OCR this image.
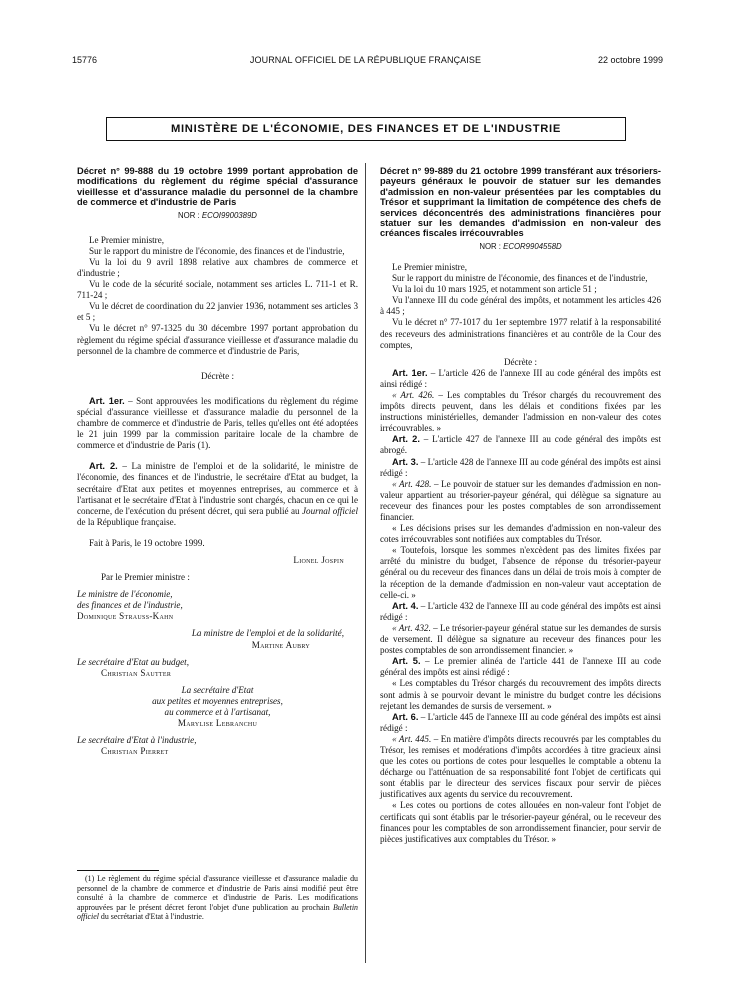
15776	JOURNAL OFFICIEL DE LA RÉPUBLIQUE FRANÇAISE	22 octobre 1999
MINISTÈRE DE L'ÉCONOMIE, DES FINANCES ET DE L'INDUSTRIE
Décret n° 99-888 du 19 octobre 1999 portant approbation de modifications du règlement du régime spécial d'assurance vieillesse et d'assurance maladie du personnel de la chambre de commerce et d'industrie de Paris
NOR : ECOI9900389D

Le Premier ministre,

Sur le rapport du ministre de l'économie, des finances et de l'industrie,

Vu la loi du 9 avril 1898 relative aux chambres de commerce et d'industrie ;

Vu le code de la sécurité sociale, notamment ses articles L. 711-1 et R. 711-24 ;

Vu le décret de coordination du 22 janvier 1936, notamment ses articles 3 et 5 ;

Vu le décret n° 97-1325 du 30 décembre 1997 portant approbation du règlement du régime spécial d'assurance vieillesse et d'assurance maladie du personnel de la chambre de commerce et d'industrie de Paris,

Décrète :

Art. 1er. – Sont approuvées les modifications du règlement du régime spécial d'assurance vieillesse et d'assurance maladie du personnel de la chambre de commerce et d'industrie de Paris, telles qu'elles ont été adoptées le 21 juin 1999 par la commission paritaire locale de la chambre de commerce et d'industrie de Paris (1).

Art. 2. – La ministre de l'emploi et de la solidarité, le ministre de l'économie, des finances et de l'industrie, le secrétaire d'Etat au budget, la secrétaire d'Etat aux petites et moyennes entreprises, au commerce et à l'artisanat et le secrétaire d'Etat à l'industrie sont chargés, chacun en ce qui le concerne, de l'exécution du présent décret, qui sera publié au Journal officiel de la République française.

Fait à Paris, le 19 octobre 1999.

Lionel Jospin

Par le Premier ministre :

Le ministre de l'économie,

des finances et de l'industrie,

Dominique Strauss-Kahn

La ministre de l'emploi et de la solidarité,

Martine Aubry

Le secrétaire d'Etat au budget,

Christian Sautter

La secrétaire d'Etat

aux petites et moyennes entreprises,

au commerce et à l'artisanat,

Marylise Lebranchu

Le secrétaire d'Etat à l'industrie,

Christian Pierret

(1) Le règlement du régime spécial d'assurance vieillesse et d'assurance maladie du personnel de la chambre de commerce et d'industrie de Paris ainsi modifié peut être consulté à la chambre de commerce et d'industrie de Paris. Les modifications approuvées par le présent décret feront l'objet d'une publication au prochain Bulletin officiel du secrétariat d'Etat à l'industrie.

Décret n° 99-889 du 21 octobre 1999 transférant aux trésoriers-payeurs généraux le pouvoir de statuer sur les demandes d'admission en non-valeur présentées par les comptables du Trésor et supprimant la limitation de compétence des chefs de services déconcentrés des administrations financières pour statuer sur les demandes d'admission en non-valeur des créances fiscales irrécouvrables
NOR : ECOR9904558D

Le Premier ministre,

Sur le rapport du ministre de l'économie, des finances et de l'industrie,

Vu la loi du 10 mars 1925, et notamment son article 51 ;

Vu l'annexe III du code général des impôts, et notamment les articles 426 à 445 ;

Vu le décret n° 77-1017 du 1er septembre 1977 relatif à la responsabilité des receveurs des administrations financières et au contrôle de la Cour des comptes,

Décrète :

Art. 1er. – L'article 426 de l'annexe III au code général des impôts est ainsi rédigé :

« Art. 426. – Les comptables du Trésor chargés du recouvrement des impôts directs peuvent, dans les délais et conditions fixées par les instructions ministérielles, demander l'admission en non-valeur des cotes irrécouvrables. »

Art. 2. – L'article 427 de l'annexe III au code général des impôts est abrogé.

Art. 3. – L'article 428 de l'annexe III au code général des impôts est ainsi rédigé :

« Art. 428. – Le pouvoir de statuer sur les demandes d'admission en non-valeur appartient au trésorier-payeur général, qui délègue sa signature au receveur des finances pour les postes comptables de son arrondissement financier.

« Les décisions prises sur les demandes d'admission en non-valeur des cotes irrécouvrables sont notifiées aux comptables du Trésor.

« Toutefois, lorsque les sommes n'excèdent pas des limites fixées par arrêté du ministre du budget, l'absence de réponse du trésorier-payeur général ou du receveur des finances dans un délai de trois mois à compter de la réception de la demande d'admission en non-valeur vaut acceptation de celle-ci. »

Art. 4. – L'article 432 de l'annexe III au code général des impôts est ainsi rédigé :

« Art. 432. – Le trésorier-payeur général statue sur les demandes de sursis de versement. Il délègue sa signature au receveur des finances pour les postes comptables de son arrondissement financier. »

Art. 5. – Le premier alinéa de l'article 441 de l'annexe III au code général des impôts est ainsi rédigé :

« Les comptables du Trésor chargés du recouvrement des impôts directs sont admis à se pourvoir devant le ministre du budget contre les décisions rejetant les demandes de sursis de versement. »

Art. 6. – L'article 445 de l'annexe III au code général des impôts est ainsi rédigé :

« Art. 445. – En matière d'impôts directs recouvrés par les comptables du Trésor, les remises et modérations d'impôts accordées à titre gracieux ainsi que les cotes ou portions de cotes pour lesquelles le comptable a obtenu la décharge ou l'atténuation de sa responsabilité font l'objet de certificats qui sont établis par le directeur des services fiscaux pour servir de pièces justificatives aux agents du service du recouvrement.

« Les cotes ou portions de cotes allouées en non-valeur font l'objet de certificats qui sont établis par le trésorier-payeur général, ou le receveur des finances pour les comptables de son arrondissement financier, pour servir de pièces justificatives aux comptables du Trésor. »
